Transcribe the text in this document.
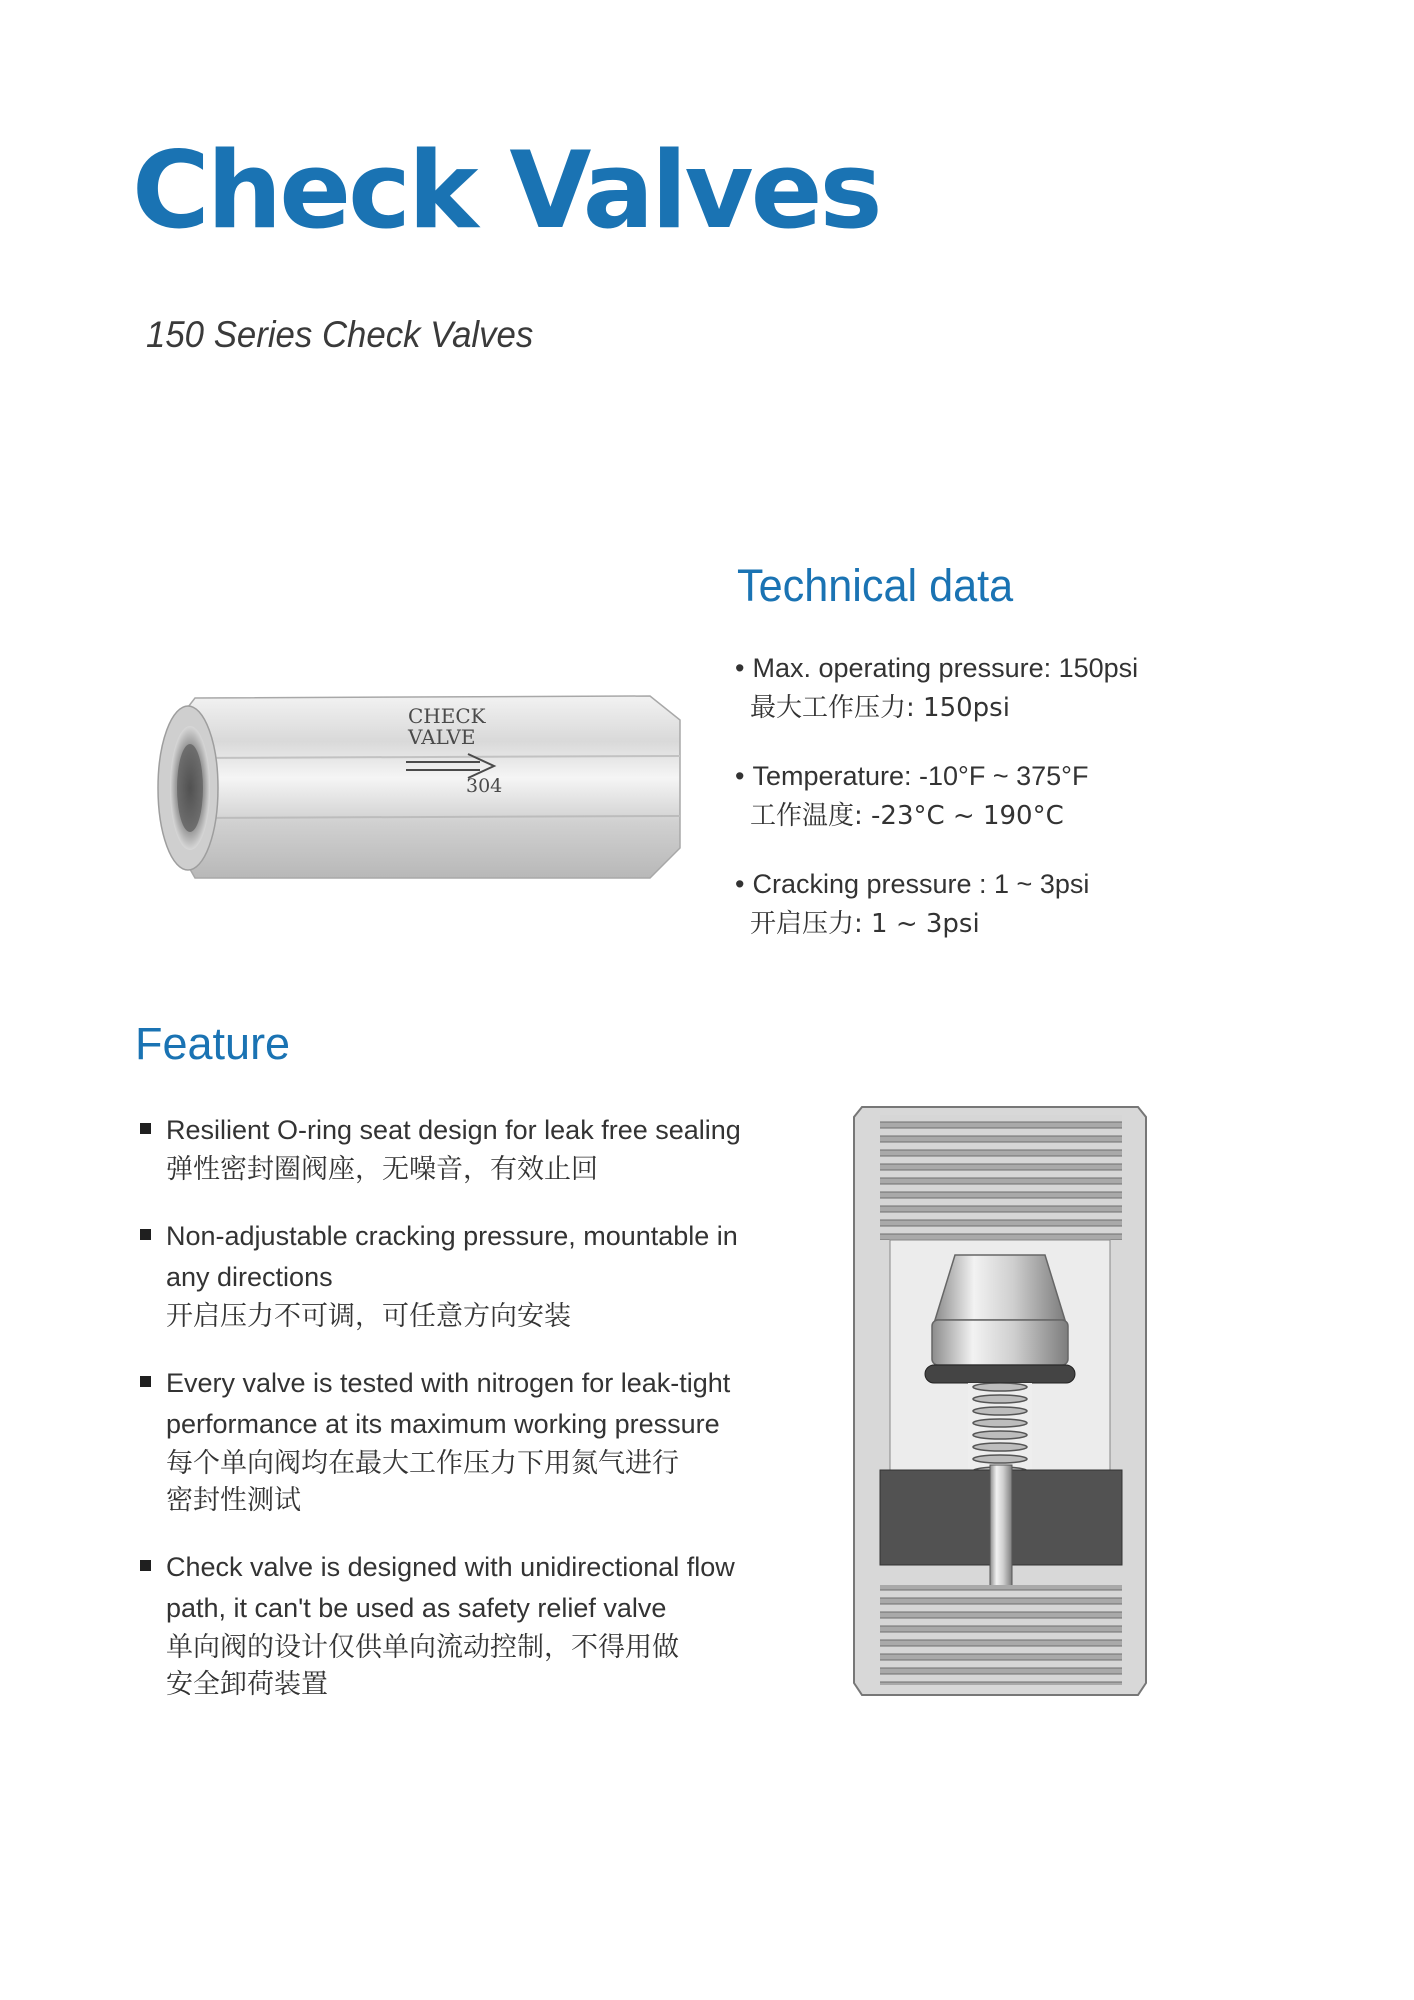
Check Valves
150 Series Check Valves
CHECK
VALVE
304
Technical data
• Max. operating pressure: 150psi
最大工作压力: 150psi
• Temperature: -10°F ~ 375°F
工作温度: -23°C ~ 190°C
• Cracking pressure : 1 ~ 3psi
开启压力: 1 ~ 3psi
Feature
Resilient O-ring seat design for leak free sealing
弹性密封圈阀座，无噪音，有效止回
Non-adjustable cracking pressure, mountable in
any directions
开启压力不可调，可任意方向安装
Every valve is tested with nitrogen for leak-tight
performance at its maximum working pressure
每个单向阀均在最大工作压力下用氮气进行
密封性测试
Check valve is designed with unidirectional flow
path, it can't be used as safety relief valve
单向阀的设计仅供单向流动控制，不得用做
安全卸荷装置
